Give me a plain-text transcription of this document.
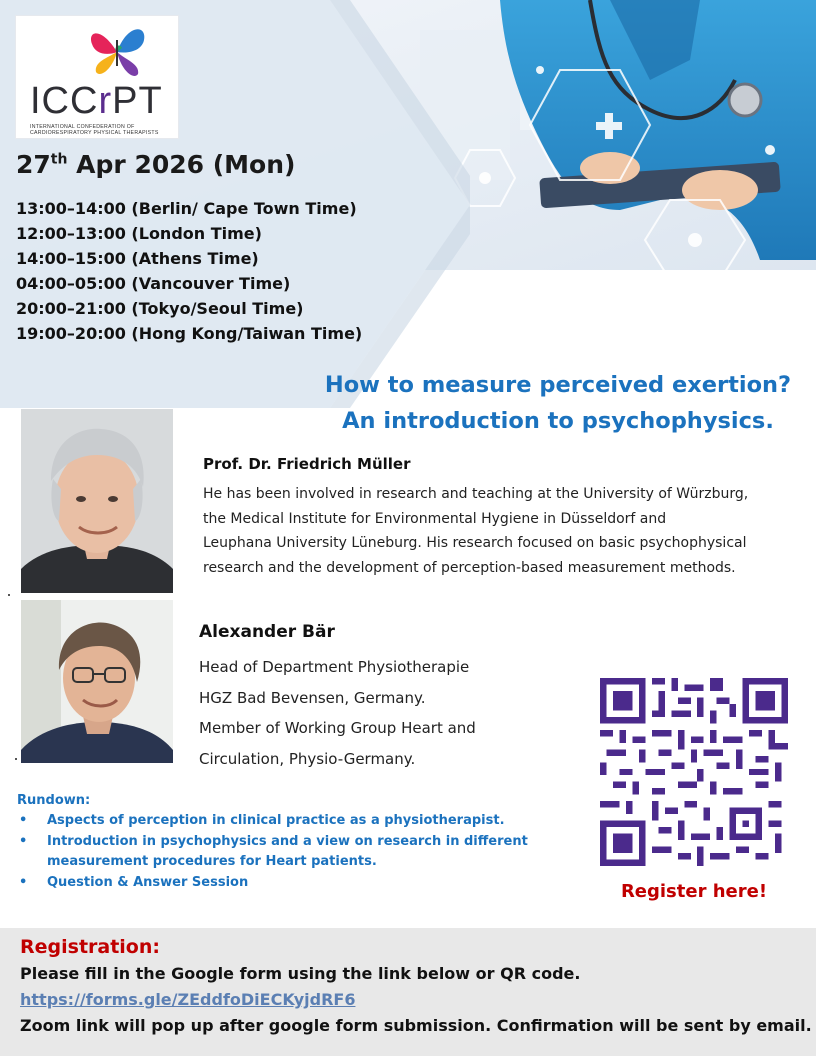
ICCrPT
INTERNATIONAL CONFEDERATION OF CARDIORESPIRATORY PHYSICAL THERAPISTS
27th Apr 2026 (Mon)
13:00–14:00 (Berlin/ Cape Town Time)
12:00–13:00 (London Time)
14:00–15:00 (Athens Time)
04:00–05:00 (Vancouver Time)
20:00–21:00 (Tokyo/Seoul Time)
19:00–20:00 (Hong Kong/Taiwan Time)
How to measure perceived exertion?
An introduction to psychophysics.
Prof. Dr. Friedrich Müller
He has been involved in research and teaching at the University of Würzburg,
the Medical Institute for Environmental Hygiene in Düsseldorf and
Leuphana University Lüneburg. His research focused on basic psychophysical
research and the development of perception-based measurement methods.
Alexander Bär
Head of Department Physiotherapie
HGZ Bad Bevensen, Germany.
Member of Working Group Heart and
Circulation, Physio-Germany.
Rundown:
• Aspects of perception in clinical practice as a physiotherapist.
• Introduction in psychophysics and a view on research in different
measurement procedures for Heart patients.
• Question & Answer Session	Register here!
Registration:
Please fill in the Google form using the link below or QR code.
https://forms.gle/ZEddfoDiECKyjdRF6
Zoom link will pop up after google form submission. Confirmation will be sent by email.
